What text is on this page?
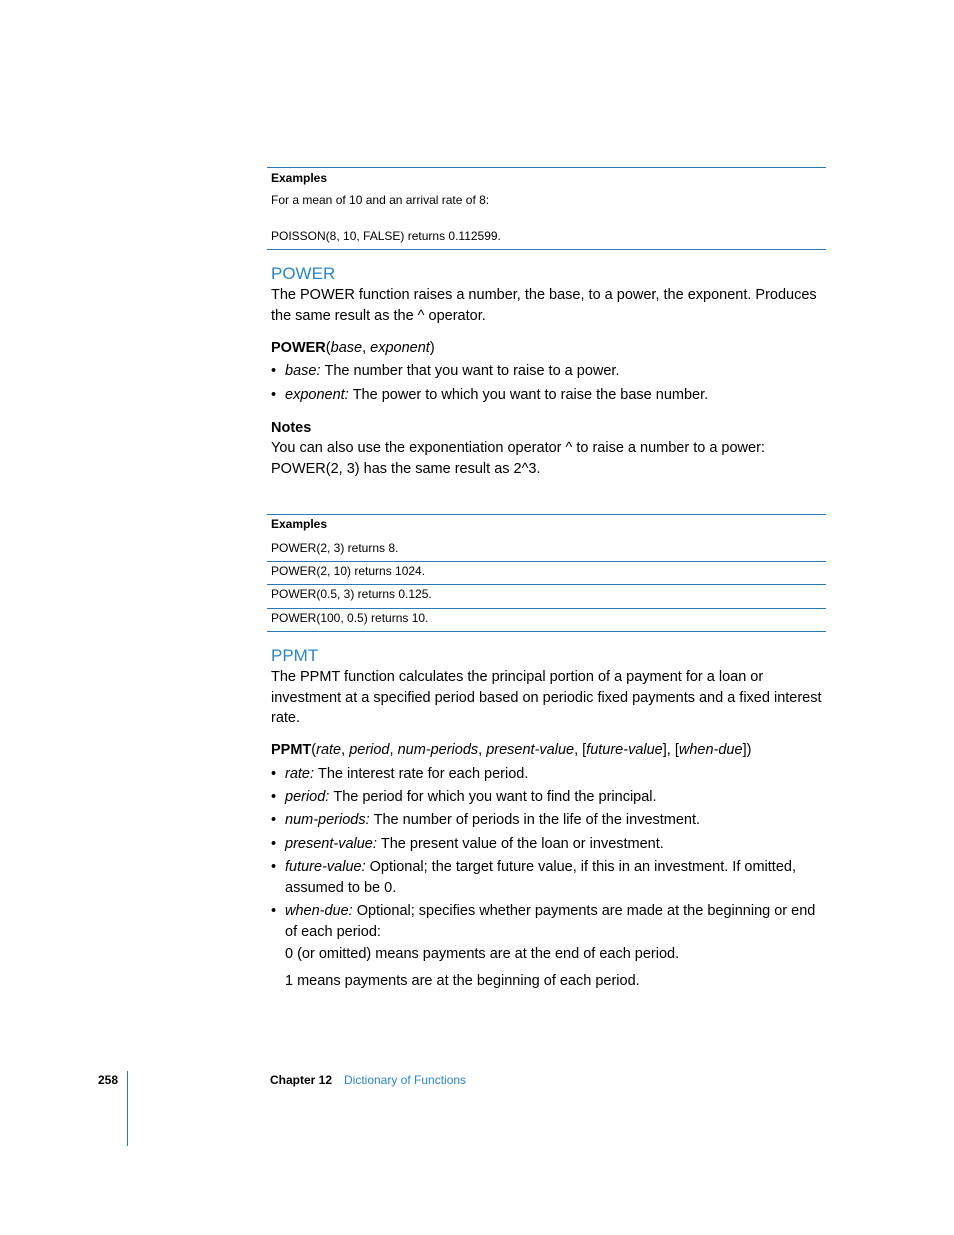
Examples
For a mean of 10 and an arrival rate of 8:
POISSON(8, 10, FALSE) returns 0.112599.
POWER
The POWER function raises a number, the base, to a power, the exponent. Produces the same result as the ^ operator.
POWER(base, exponent)
• base: The number that you want to raise to a power.
• exponent: The power to which you want to raise the base number.
Notes
You can also use the exponentiation operator ^ to raise a number to a power: POWER(2, 3) has the same result as 2^3.
Examples
POWER(2, 3) returns 8.
POWER(2, 10) returns 1024.
POWER(0.5, 3) returns 0.125.
POWER(100, 0.5) returns 10.
PPMT
The PPMT function calculates the principal portion of a payment for a loan or investment at a specified period based on periodic fixed payments and a fixed interest rate.
PPMT(rate, period, num-periods, present-value, [future-value], [when-due])
• rate: The interest rate for each period.
• period: The period for which you want to find the principal.
• num-periods: The number of periods in the life of the investment.
• present-value: The present value of the loan or investment.
• future-value: Optional; the target future value, if this in an investment. If omitted, assumed to be 0.
• when-due: Optional; specifies whether payments are made at the beginning or end of each period:
0 (or omitted) means payments are at the end of each period.
1 means payments are at the beginning of each period.
258	Chapter 12 Dictionary of Functions
